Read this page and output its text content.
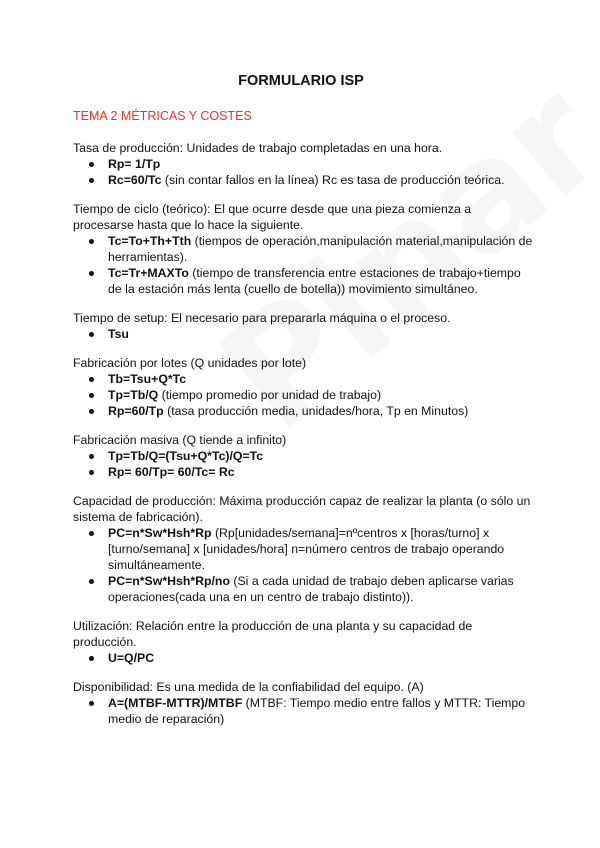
FORMULARIO ISP
TEMA 2 MÉTRICAS Y COSTES

Tasa de producción: Unidades de trabajo completadas en una hora.

Rp= 1/Tp
Rc=60/Tc (sin contar fallos en la línea) Rc es tasa de producción teórica.

Tiempo de ciclo (teórico): El que ocurre desde que una pieza comienza a procesarse hasta que lo hace la siguiente.

Tc=To+Th+Tth (tiempos de operación,manipulación material,manipulación de herramientas).
Tc=Tr+MAXTo (tiempo de transferencia entre estaciones de trabajo+tiempo de la estación más lenta (cuello de botella)) movimiento simultáneo.

Tiempo de setup: El necesario para prepararla máquina o el proceso.

Tsu

Fabricación por lotes (Q unidades por lote)

Tb=Tsu+Q*Tc
Tp=Tb/Q (tiempo promedio por unidad de trabajo)
Rp=60/Tp (tasa producción media, unidades/hora, Tp en Minutos)

Fabricación masiva (Q tiende a infinito)

Tp=Tb/Q=(Tsu+Q*Tc)/Q=Tc
Rp= 60/Tp= 60/Tc= Rc

Capacidad de producción: Máxima producción capaz de realizar la planta (o sólo un sistema de fabricación).

PC=n*Sw*Hsh*Rp (Rp[unidades/semana]=nºcentros x [horas/turno] x [turno/semana] x [unidades/hora] n=número centros de trabajo operando simultáneamente.
PC=n*Sw*Hsh*Rp/no (Si a cada unidad de trabajo deben aplicarse varias operaciones(cada una en un centro de trabajo distinto)).

Utilización: Relación entre la producción de una planta y su capacidad de producción.

U=Q/PC

Disponibilidad: Es una medida de la confiabilidad del equipo. (A)

A=(MTBF-MTTR)/MTBF (MTBF: Tiempo medio entre fallos y MTTR: Tiempo medio de reparación)
